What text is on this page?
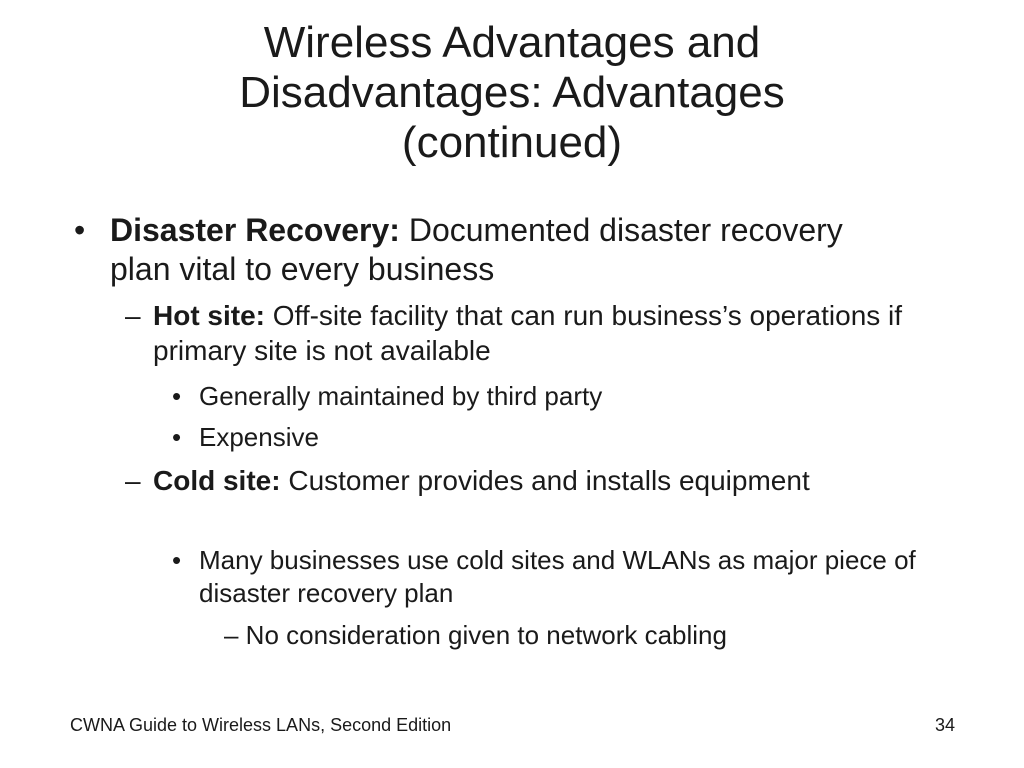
Wireless Advantages and
Disadvantages: Advantages
(continued)
• Disaster Recovery: Documented disaster recovery plan vital to every business

– Hot site: Off-site facility that can run business’s operations if primary site is not available

• Generally maintained by third party

• Expensive

– Cold site: Customer provides and installs equipment

• Many businesses use cold sites and WLANs as major piece of disaster recovery plan

– No consideration given to network cabling

CWNA Guide to Wireless LANs, Second Edition	34
